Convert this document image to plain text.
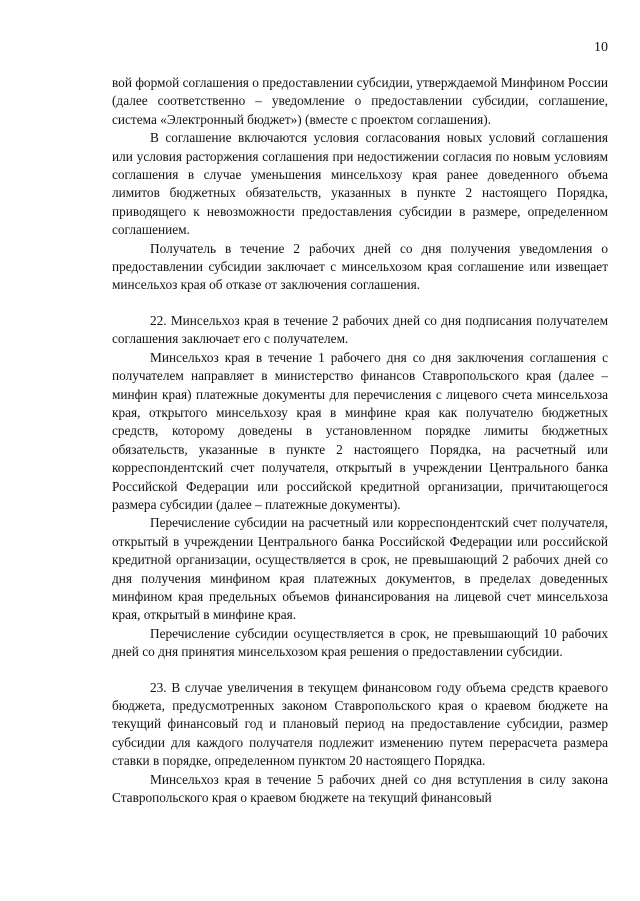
10

вой формой соглашения о предоставлении субсидии, утверждаемой Минфином России (далее соответственно – уведомление о предоставлении субсидии, соглашение, система «Электронный бюджет») (вместе с проектом соглашения).

В соглашение включаются условия согласования новых условий соглашения или условия расторжения соглашения при недостижении согласия по новым условиям соглашения в случае уменьшения минсельхозу края ранее доведенного объема лимитов бюджетных обязательств, указанных в пункте 2 настоящего Порядка, приводящего к невозможности предоставления субсидии в размере, определенном соглашением.

Получатель в течение 2 рабочих дней со дня получения уведомления о предоставлении субсидии заключает с минсельхозом края соглашение или извещает минсельхоз края об отказе от заключения соглашения.

22. Минсельхоз края в течение 2 рабочих дней со дня подписания получателем соглашения заключает его с получателем.

Минсельхоз края в течение 1 рабочего дня со дня заключения соглашения с получателем направляет в министерство финансов Ставропольского края (далее – минфин края) платежные документы для перечисления с лицевого счета минсельхоза края, открытого минсельхозу края в минфине края как получателю бюджетных средств, которому доведены в установленном порядке лимиты бюджетных обязательств, указанные в пункте 2 настоящего Порядка, на расчетный или корреспондентский счет получателя, открытый в учреждении Центрального банка Российской Федерации или российской кредитной организации, причитающегося размера субсидии (далее – платежные документы).

Перечисление субсидии на расчетный или корреспондентский счет получателя, открытый в учреждении Центрального банка Российской Федерации или российской кредитной организации, осуществляется в срок, не превышающий 2 рабочих дней со дня получения минфином края платежных документов, в пределах доведенных минфином края предельных объемов финансирования на лицевой счет минсельхоза края, открытый в минфине края.

Перечисление субсидии осуществляется в срок, не превышающий 10 рабочих дней со дня принятия минсельхозом края решения о предоставлении субсидии.

23. В случае увеличения в текущем финансовом году объема средств краевого бюджета, предусмотренных законом Ставропольского края о краевом бюджете на текущий финансовый год и плановый период на предоставление субсидии, размер субсидии для каждого получателя подлежит изменению путем перерасчета размера ставки в порядке, определенном пунктом 20 настоящего Порядка.

Минсельхоз края в течение 5 рабочих дней со дня вступления в силу закона Ставропольского края о краевом бюджете на текущий финансовый
